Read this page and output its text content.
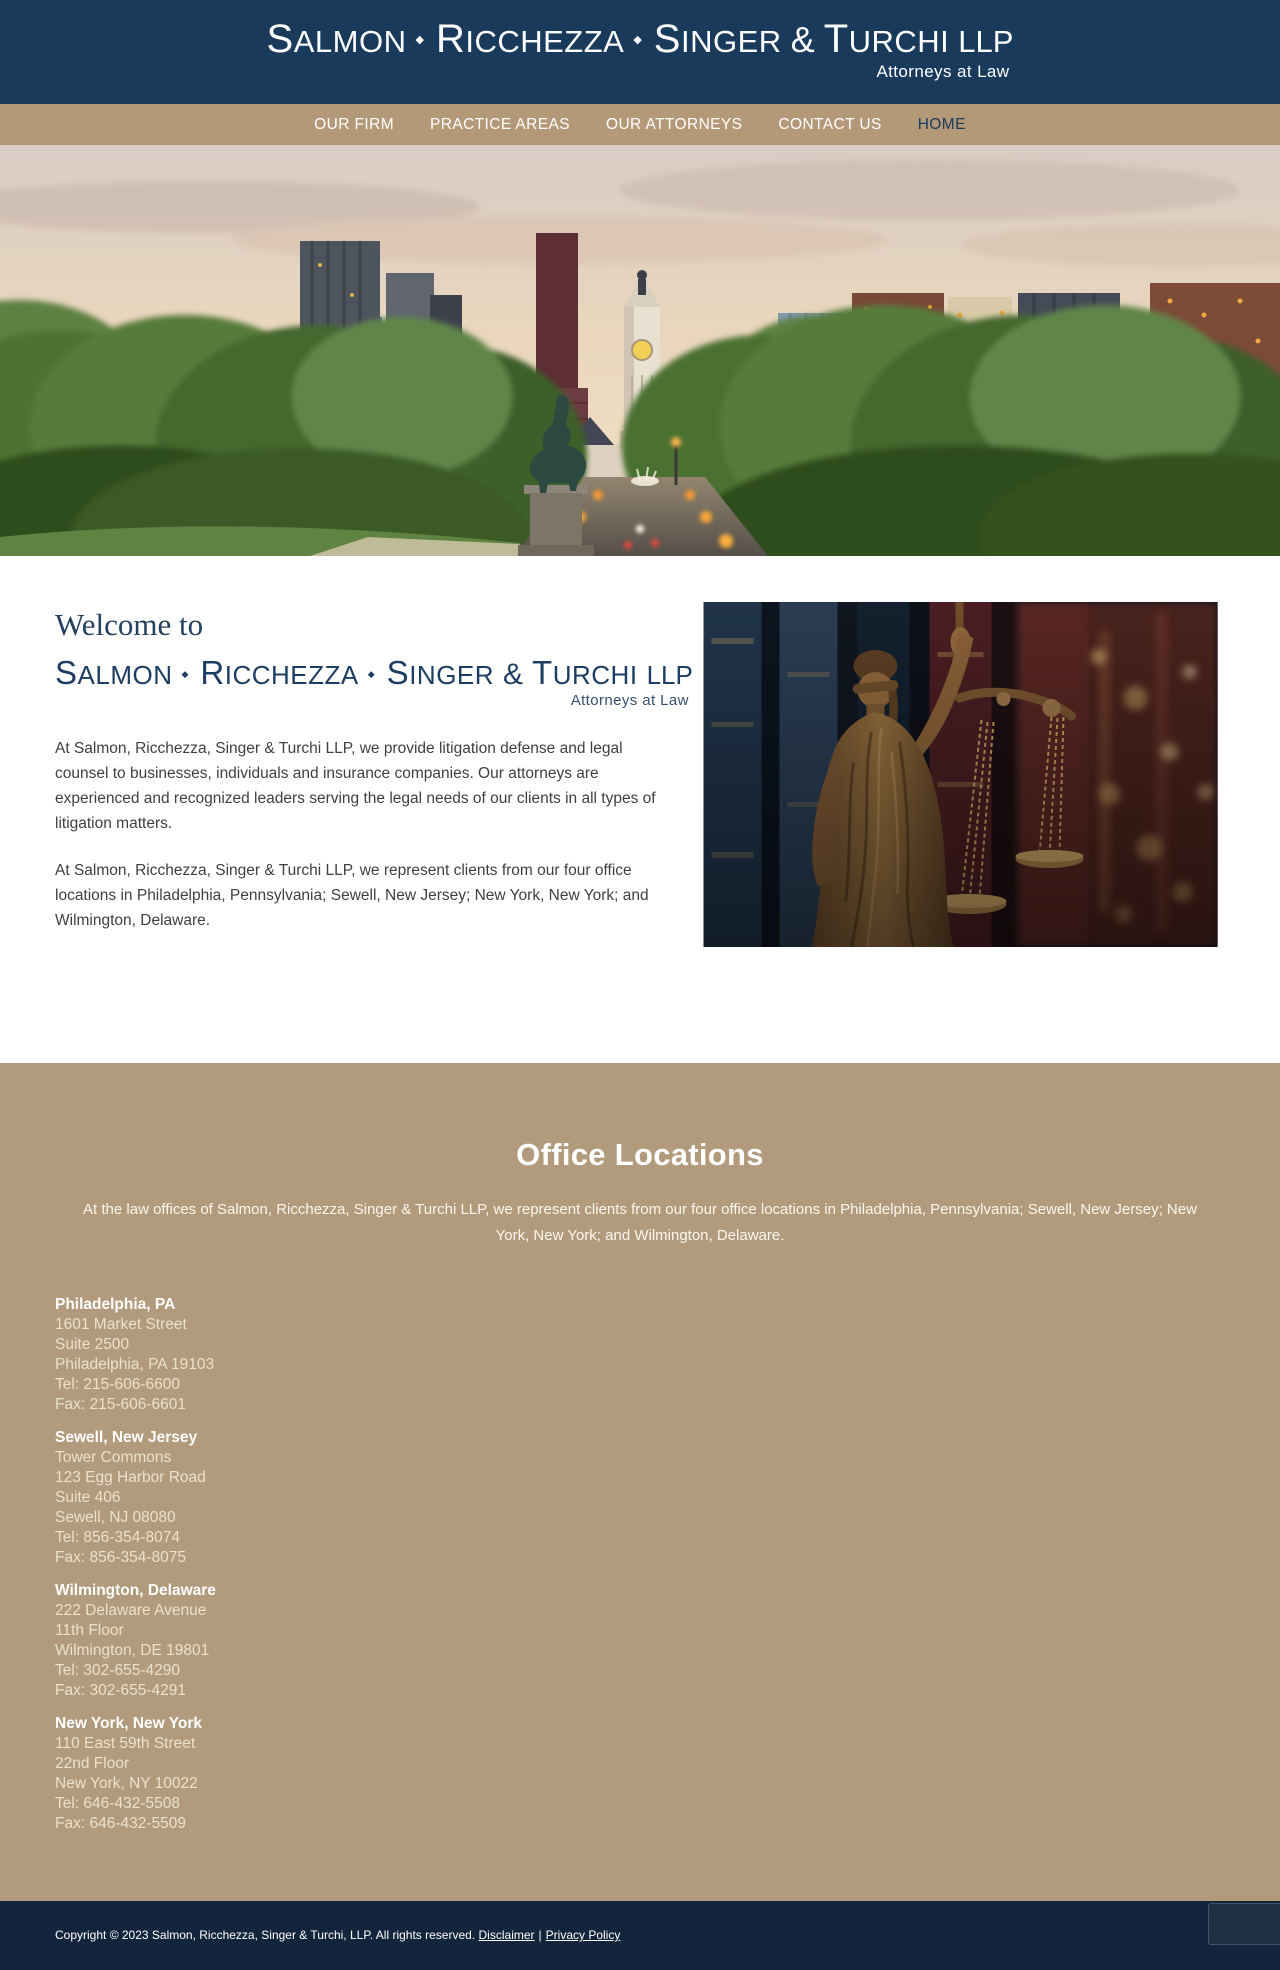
SALMON ◆ RICCHEZZA ◆ SINGER & TURCHI LLP
Attorneys at Law
OUR FIRM PRACTICE AREAS OUR ATTORNEYS CONTACT US HOME
Welcome to
SALMON ◆ RICCHEZZA ◆ SINGER & TURCHI LLP
Attorneys at Law

At Salmon, Ricchezza, Singer & Turchi LLP, we provide litigation defense and legal counsel to businesses, individuals and insurance companies. Our attorneys are experienced and recognized leaders serving the legal needs of our clients in all types of litigation matters.

At Salmon, Ricchezza, Singer & Turchi LLP, we represent clients from our four office locations in Philadelphia, Pennsylvania; Sewell, New Jersey; New York, New York; and Wilmington, Delaware.

Office Locations

At the law offices of Salmon, Ricchezza, Singer & Turchi LLP, we represent clients from our four office locations in Philadelphia, Pennsylvania; Sewell, New Jersey; New York, New York; and Wilmington, Delaware.

Philadelphia, PA
1601 Market Street
Suite 2500
Philadelphia, PA 19103
Tel: 215-606-6600
Fax: 215-606-6601
Sewell, New Jersey
Tower Commons
123 Egg Harbor Road
Suite 406
Sewell, NJ 08080
Tel: 856-354-8074
Fax: 856-354-8075
Wilmington, Delaware
222 Delaware Avenue
11th Floor
Wilmington, DE 19801
Tel: 302-655-4290
Fax: 302-655-4291
New York, New York
110 East 59th Street
22nd Floor
New York, NY 10022
Tel: 646-432-5508
Fax: 646-432-5509

Copyright © 2023 Salmon, Ricchezza, Singer & Turchi, LLP. All rights reserved. Disclaimer | Privacy Policy
